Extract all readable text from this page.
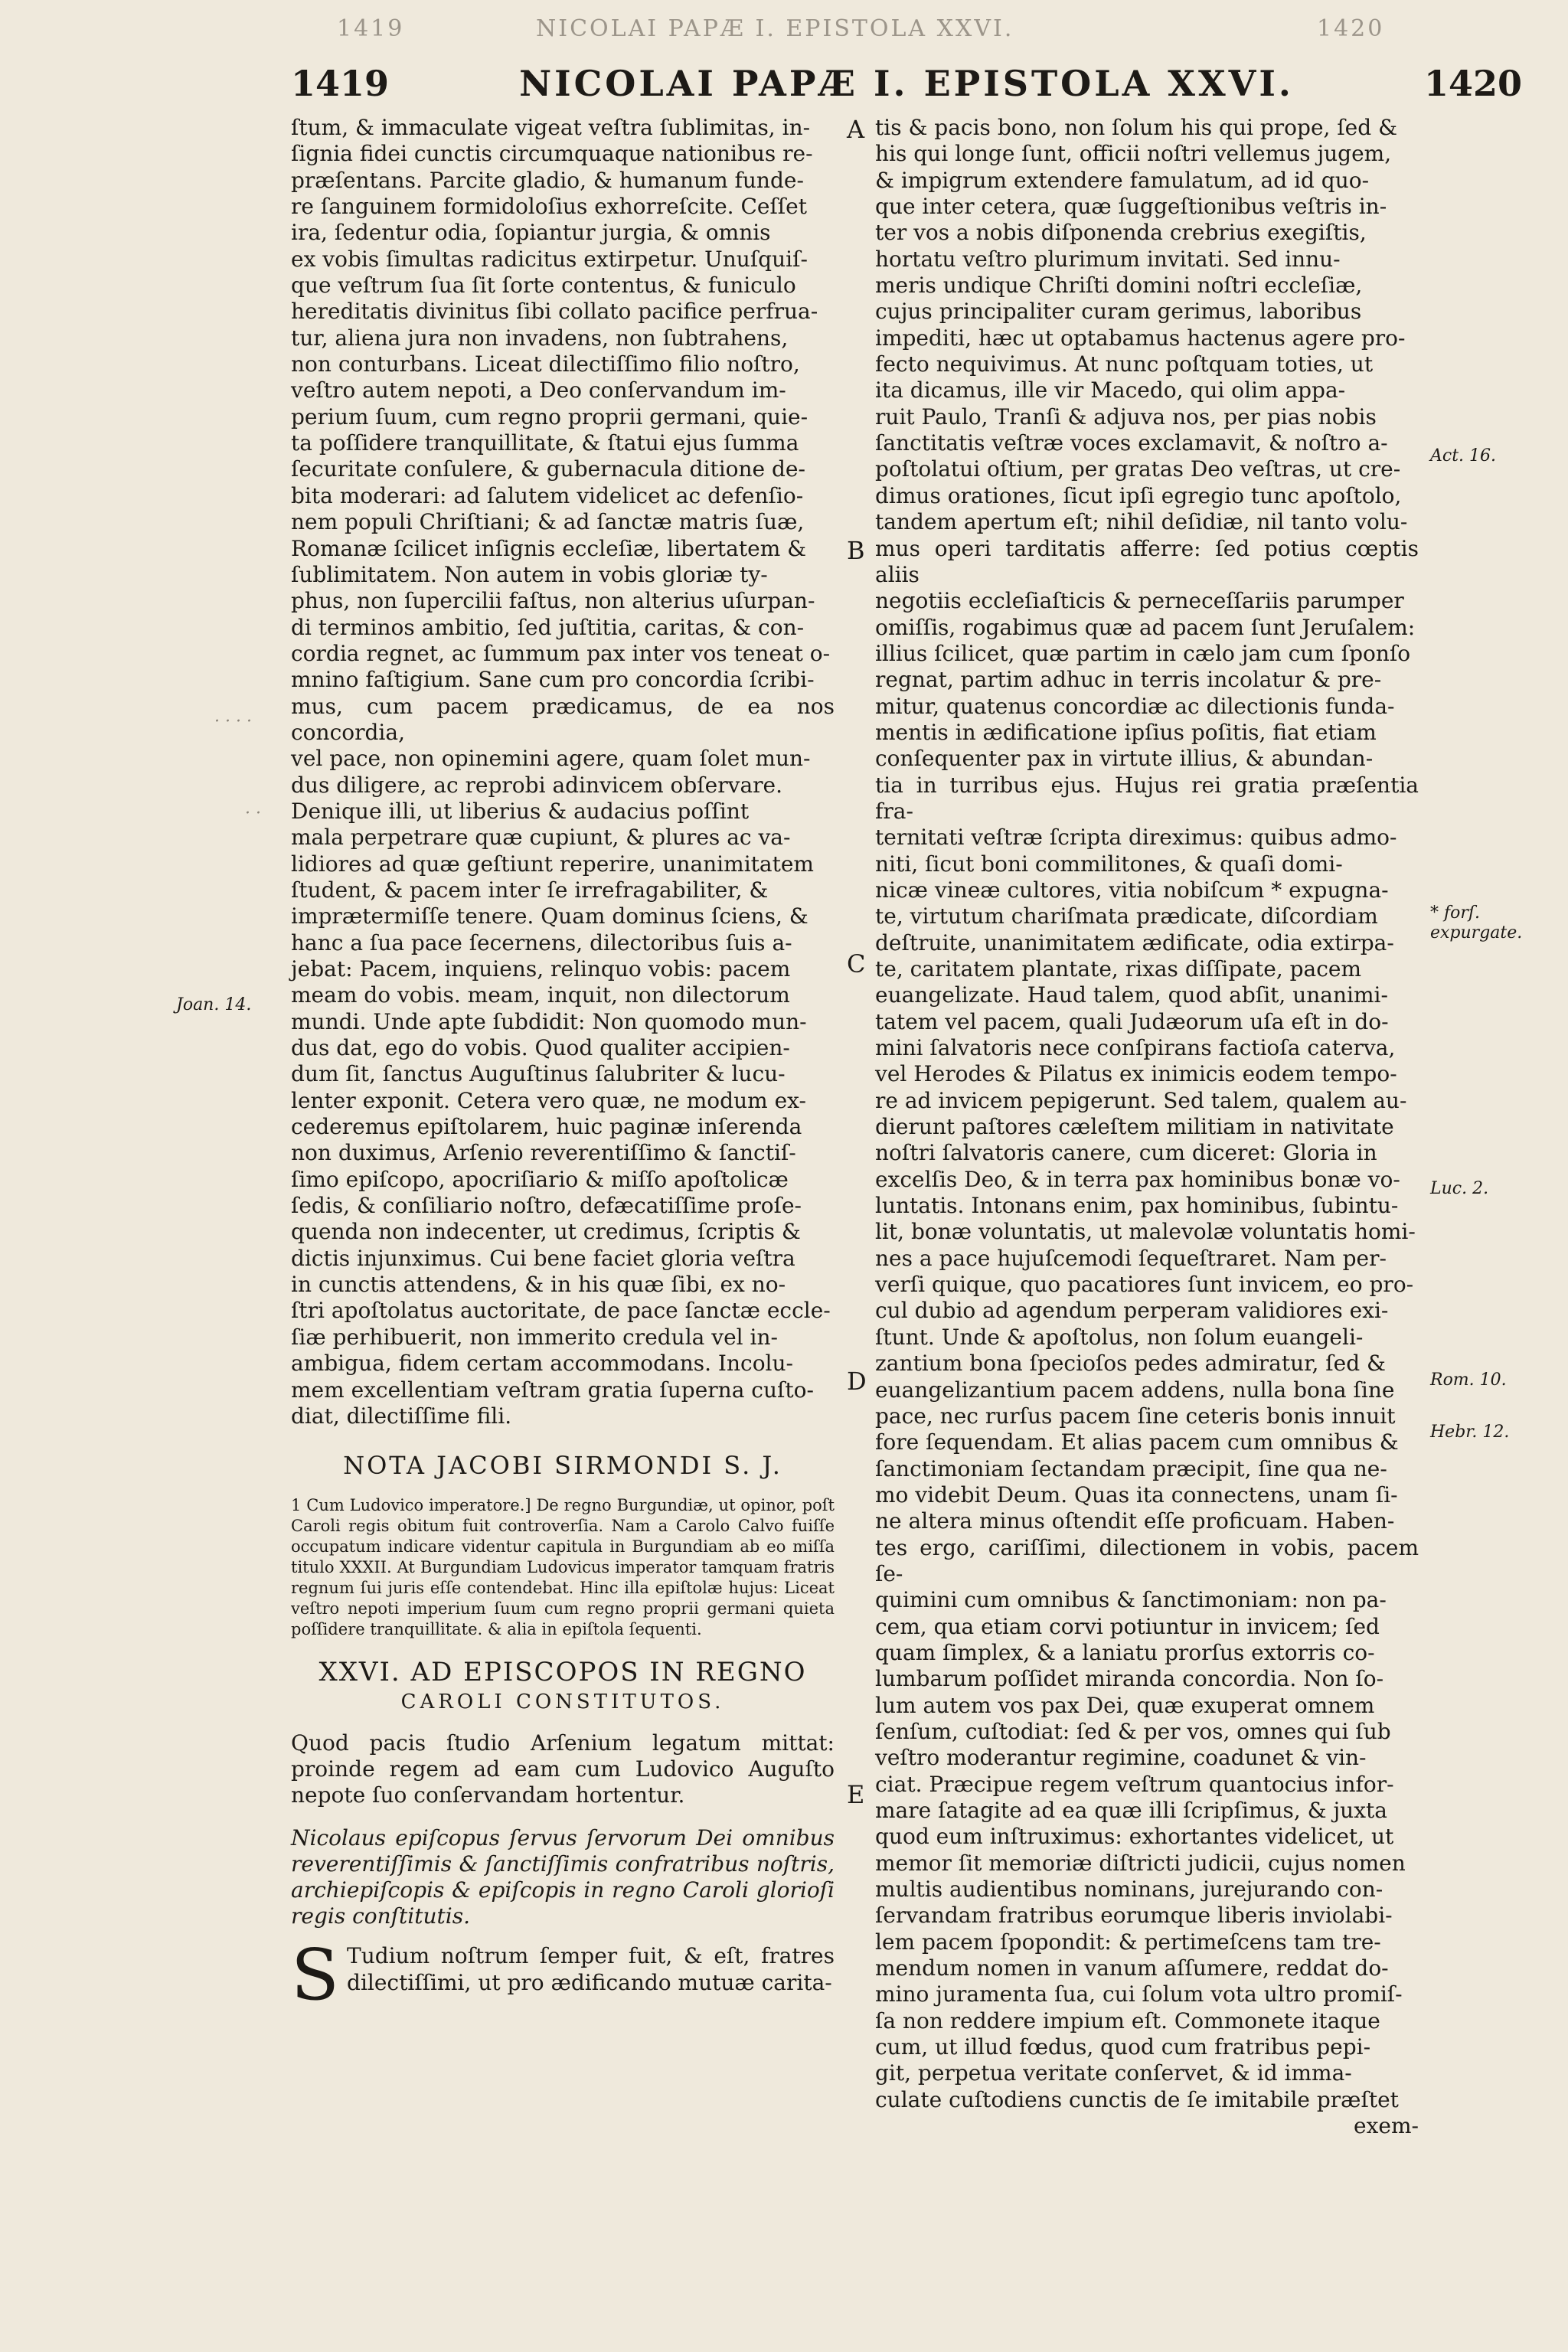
1419	NICOLAI PAPÆ I. EPISTOLA XXVI.	1420
1419	NICOLAI PAPÆ I. EPISTOLA XXVI.	1420

ſtum, & immaculate vigeat veſtra ſublimitas, in-
ſignia fidei cunctis circumquaque nationibus re-
præſentans. Parcite gladio, & humanum funde-
re ſanguinem formidoloſius exhorreſcite. Ceſſet
ira, ſedentur odia, ſopiantur jurgia, & omnis
ex vobis ſimultas radicitus extirpetur. Unuſquiſ-
que veſtrum ſua ſit ſorte contentus, & funiculo
hereditatis divinitus ſibi collato pacifice perfrua-
tur, aliena jura non invadens, non ſubtrahens,
non conturbans. Liceat dilectiſſimo filio noſtro,
veſtro autem nepoti, a Deo conſervandum im-
perium ſuum, cum regno proprii germani, quie-
ta poſſidere tranquillitate, & ſtatui ejus ſumma
ſecuritate conſulere, & gubernacula ditione de-
bita moderari: ad ſalutem videlicet ac defenſio-
nem populi Chriſtiani; & ad ſanctæ matris ſuæ,
Romanæ ſcilicet inſignis eccleſiæ, libertatem &
ſublimitatem. Non autem in vobis gloriæ ty-
phus, non ſupercilii faſtus, non alterius uſurpan-
di terminos ambitio, ſed juſtitia, caritas, & con-
cordia regnet, ac ſummum pax inter vos teneat o-
mnino faſtigium. Sane cum pro concordia ſcribi-
mus, cum pacem prædicamus, de ea nos concordia,
vel pace, non opinemini agere, quam ſolet mun-
dus diligere, ac reprobi adinvicem obſervare.
Denique illi, ut liberius & audacius poſſint
mala perpetrare quæ cupiunt, & plures ac va-
lidiores ad quæ geſtiunt reperire, unanimitatem
ſtudent, & pacem inter ſe irrefragabiliter, &
imprætermiſſe tenere. Quam dominus ſciens, &
hanc a ſua pace ſecernens, dilectoribus ſuis a-
jebat: Pacem, inquiens, relinquo vobis: pacem
meam do vobis. meam, inquit, non dilectorum
mundi. Unde apte ſubdidit: Non quomodo mun-
dus dat, ego do vobis. Quod qualiter accipien-
dum ſit, ſanctus Auguſtinus ſalubriter & lucu-
lenter exponit. Cetera vero quæ, ne modum ex-
cederemus epiſtolarem, huic paginæ inſerenda
non duximus, Arſenio reverentiſſimo & ſanctiſ-
ſimo epiſcopo, apocriſiario & miſſo apoſtolicæ
ſedis, & conſiliario noſtro, defæcatiſſime proſe-
quenda non indecenter, ut credimus, ſcriptis &
dictis injunximus. Cui bene faciet gloria veſtra
in cunctis attendens, & in his quæ ſibi, ex no-
ſtri apoſtolatus auctoritate, de pace ſanctæ eccle-
ſiæ perhibuerit, non immerito credula vel in-
ambigua, fidem certam accommodans. Incolu-
mem excellentiam veſtram gratia ſuperna cuſto-
diat, dilectiſſime fili.

NOTA JACOBI SIRMONDI S. J.

1 Cum Ludovico imperatore.] De regno Burgundiæ, ut opinor, poſt Caroli regis obitum fuit controverſia. Nam a Carolo Calvo fuiſſe occupatum indicare videntur capitula in Burgundiam ab eo miſſa titulo XXXII. At Burgundiam Ludovicus imperator tamquam fratris regnum ſui juris eſſe contendebat. Hinc illa epiſtolæ hujus: Liceat veſtro nepoti imperium ſuum cum regno proprii germani quieta poſſidere tranquillitate. & alia in epiſtola ſequenti.

XXVI. AD EPISCOPOS IN REGNO
CAROLI CONSTITUTOS.

Quod pacis ſtudio Arſenium legatum mittat: proinde regem ad eam cum Ludovico Auguſto nepote ſuo conſervandam hortentur.

Nicolaus epiſcopus ſervus ſervorum Dei omnibus reverentiſſimis & ſanctiſſimis confratribus noſtris, archiepiſcopis & epiſcopis in regno Caroli glorioſi regis conſtitutis.

S Tudium noſtrum ſemper fuit, & eſt, fratres dilectiſſimi, ut pro ædificando mutuæ carita-

tis & pacis bono, non ſolum his qui prope, ſed &
his qui longe ſunt, officii noſtri vellemus jugem,
& impigrum extendere famulatum, ad id quo-
que inter cetera, quæ ſuggeſtionibus veſtris in-
ter vos a nobis diſponenda crebrius exegiſtis,
hortatu veſtro plurimum invitati. Sed innu-
meris undique Chriſti domini noſtri eccleſiæ,
cujus principaliter curam gerimus, laboribus
impediti, hæc ut optabamus hactenus agere pro-
fecto nequivimus. At nunc poſtquam toties, ut
ita dicamus, ille vir Macedo, qui olim appa-
ruit Paulo, Tranſi & adjuva nos, per pias nobis
ſanctitatis veſtræ voces exclamavit, & noſtro a-
poſtolatui oſtium, per gratas Deo veſtras, ut cre-
dimus orationes, ſicut ipſi egregio tunc apoſtolo,
tandem apertum eſt; nihil deſidiæ, nil tanto volu-
mus operi tarditatis afferre: ſed potius cœptis aliis
negotiis eccleſiaſticis & perneceſſariis parumper
omiſſis, rogabimus quæ ad pacem ſunt Jeruſalem:
illius ſcilicet, quæ partim in cælo jam cum ſponſo
regnat, partim adhuc in terris incolatur & pre-
mitur, quatenus concordiæ ac dilectionis funda-
mentis in ædificatione ipſius poſitis, fiat etiam
conſequenter pax in virtute illius, & abundan-
tia in turribus ejus. Hujus rei gratia præſentia fra-
ternitati veſtræ ſcripta direximus: quibus admo-
niti, ſicut boni commilitones, & quaſi domi-
nicæ vineæ cultores, vitia nobiſcum * expugna-
te, virtutum chariſmata prædicate, diſcordiam
deſtruite, unanimitatem ædificate, odia extirpa-
te, caritatem plantate, rixas diſſipate, pacem
euangelizate. Haud talem, quod abſit, unanimi-
tatem vel pacem, quali Judæorum uſa eſt in do-
mini ſalvatoris nece conſpirans factioſa caterva,
vel Herodes & Pilatus ex inimicis eodem tempo-
re ad invicem pepigerunt. Sed talem, qualem au-
dierunt paſtores cæleſtem militiam in nativitate
noſtri ſalvatoris canere, cum diceret: Gloria in
excelſis Deo, & in terra pax hominibus bonæ vo-
luntatis. Intonans enim, pax hominibus, ſubintu-
lit, bonæ voluntatis, ut malevolæ voluntatis homi-
nes a pace hujuſcemodi ſequeſtraret. Nam per-
verſi quique, quo pacatiores ſunt invicem, eo pro-
cul dubio ad agendum perperam validiores exi-
ſtunt. Unde & apoſtolus, non ſolum euangeli-
zantium bona ſpecioſos pedes admiratur, ſed &
euangelizantium pacem addens, nulla bona ſine
pace, nec rurſus pacem ſine ceteris bonis innuit
fore ſequendam. Et alias pacem cum omnibus &
ſanctimoniam ſectandam præcipit, ſine qua ne-
mo videbit Deum. Quas ita connectens, unam ſi-
ne altera minus oſtendit eſſe proficuam. Haben-
tes ergo, cariſſimi, dilectionem in vobis, pacem ſe-
quimini cum omnibus & ſanctimoniam: non pa-
cem, qua etiam corvi potiuntur in invicem; ſed
quam ſimplex, & a laniatu prorſus extorris co-
lumbarum poſſidet miranda concordia. Non ſo-
lum autem vos pax Dei, quæ exuperat omnem
ſenſum, cuſtodiat: ſed & per vos, omnes qui ſub
veſtro moderantur regimine, coadunet & vin-
ciat. Præcipue regem veſtrum quantocius infor-
mare ſatagite ad ea quæ illi ſcripſimus, & juxta
quod eum inſtruximus: exhortantes videlicet, ut
memor ſit memoriæ diſtricti judicii, cujus nomen
multis audientibus nominans, jurejurando con-
ſervandam fratribus eorumque liberis inviolabi-
lem pacem ſpopondit: & pertimeſcens tam tre-
mendum nomen in vanum aſſumere, reddat do-
mino juramenta ſua, cui ſolum vota ultro promiſ-
ſa non reddere impium eſt. Commonete itaque
cum, ut illud fœdus, quod cum fratribus pepi-
git, perpetua veritate conſervet, & id imma-
culate cuſtodiens cunctis de ſe imitabile præſtet

exem-
A
B
C
D
E
Joan. 14.
· · · ·
· ·
Act. 16.
* forſ. expurgate.
Luc. 2.
Rom. 10.
Hebr. 12.
